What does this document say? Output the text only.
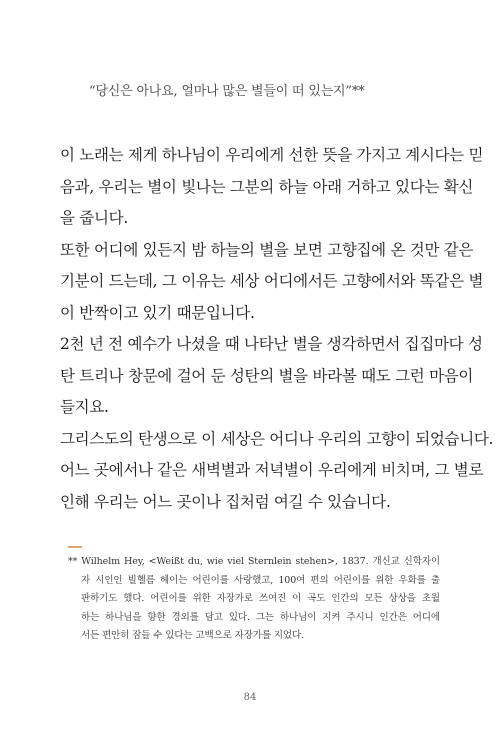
“당신은 아나요, 얼마나 많은 별들이 떠 있는지”**
이 노래는 제게 하나님이 우리에게 선한 뜻을 가지고 계시다는 믿
음과, 우리는 별이 빛나는 그분의 하늘 아래 거하고 있다는 확신
을 줍니다.
또한 어디에 있든지 밤 하늘의 별을 보면 고향집에 온 것만 같은
기분이 드는데, 그 이유는 세상 어디에서든 고향에서와 똑같은 별
이 반짝이고 있기 때문입니다.
2천 년 전 예수가 나셨을 때 나타난 별을 생각하면서 집집마다 성
탄 트리나 창문에 걸어 둔 성탄의 별을 바라볼 때도 그런 마음이
들지요.
그리스도의 탄생으로 이 세상은 어디나 우리의 고향이 되었습니다.
어느 곳에서나 같은 새벽별과 저녁별이 우리에게 비치며, 그 별로
인해 우리는 어느 곳이나 집처럼 여길 수 있습니다.
** Wilhelm Hey, <Weißt du, wie viel Sternlein stehen>, 1837. 개신교 신학자이
자 시인인 빌헬름 헤이는 어린이를 사랑했고, 100여 편의 어린이를 위한 우화를 출
판하기도 했다. 어린이를 위한 자장가로 쓰여진 이 곡도 인간의 모든 상상을 초월
하는 하나님을 향한 경외를 담고 있다. 그는 하나님이 지켜 주시니 인간은 어디에
서든 편안히 잠들 수 있다는 고백으로 자장가를 지었다.
84
